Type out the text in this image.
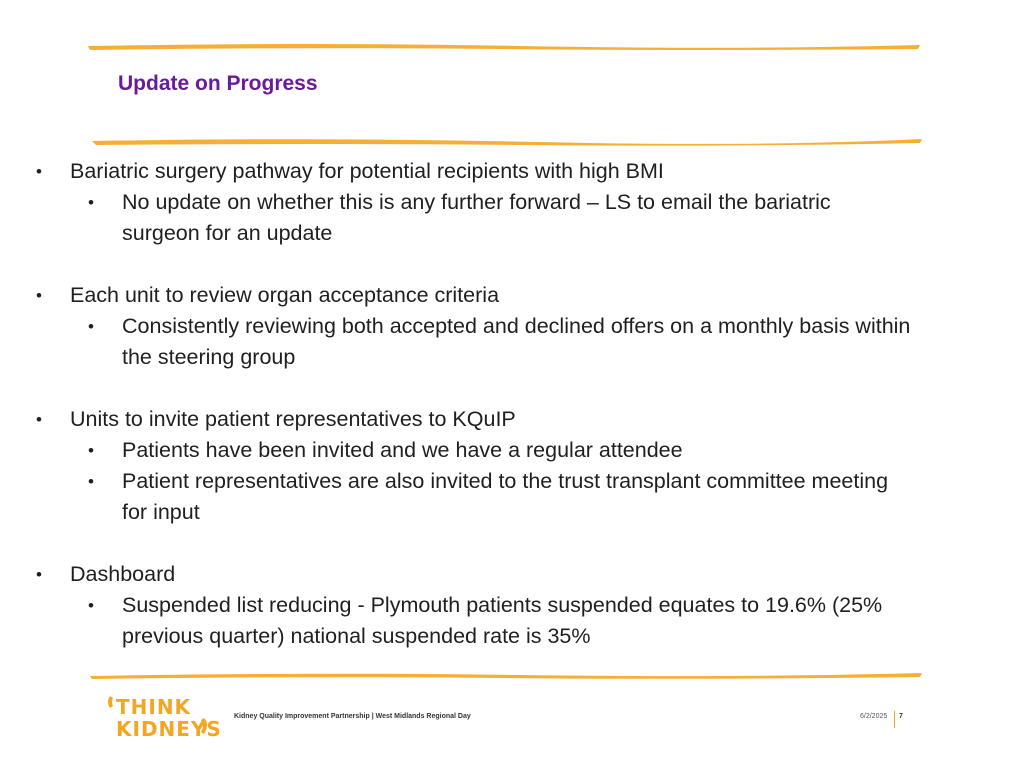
Update on Progress
• Bariatric surgery pathway for potential recipients with high BMI
• No update on whether this is any further forward – LS to email the bariatric
surgeon for an update
• Each unit to review organ acceptance criteria
• Consistently reviewing both accepted and declined offers on a monthly basis within
the steering group
• Units to invite patient representatives to KQuIP
• Patients have been invited and we have a regular attendee
• Patient representatives are also invited to the trust transplant committee meeting
for input
• Dashboard
• Suspended list reducing - Plymouth patients suspended equates to 19.6% (25%
previous quarter) national suspended rate is 35%
THINK
KIDNEYS
Kidney Quality Improvement Partnership | West Midlands Regional Day	6/2/2025 7
